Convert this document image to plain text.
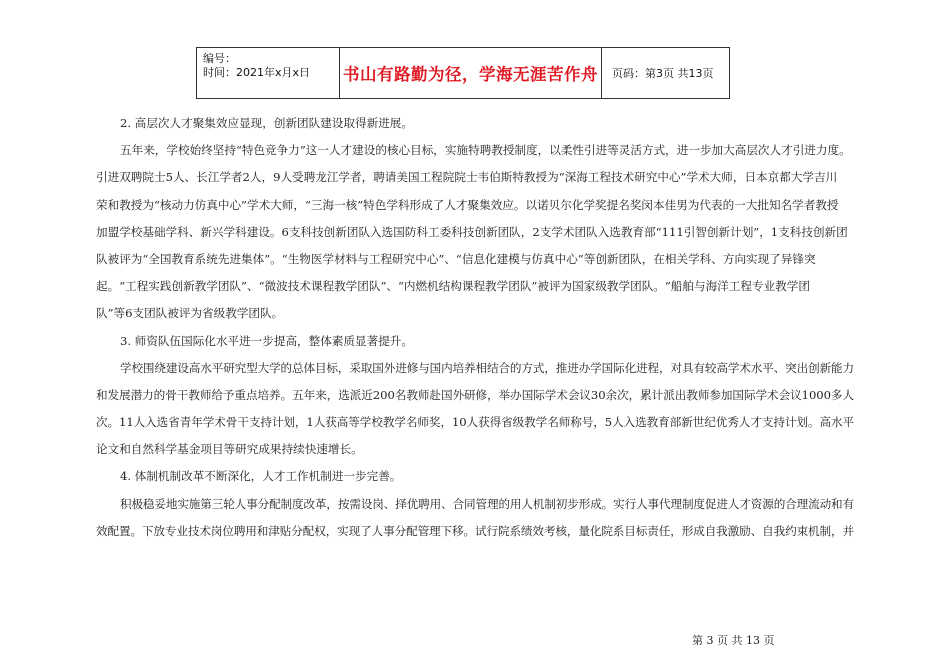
编号：
时间：2021年x月x日	书山有路勤为径，学海无涯苦作舟 页码：第3页 共13页
2. 高层次人才聚集效应显现，创新团队建设取得新进展。
五年来，学校始终坚持“特色竞争力”这一人才建设的核心目标，实施特聘教授制度，以柔性引进等灵活方式，进一步加大高层次人才引进力度。
引进双聘院士5人、长江学者2人，9人受聘龙江学者，聘请美国工程院院士韦伯斯特教授为“深海工程技术研究中心”学术大师，日本京都大学吉川
荣和教授为“核动力仿真中心”学术大师，“三海一核”特色学科形成了人才聚集效应。以诺贝尔化学奖提名奖闵本佳男为代表的一大批知名学者教授
加盟学校基础学科、新兴学科建设。6支科技创新团队入选国防科工委科技创新团队，2支学术团队入选教育部“111引智创新计划”，1支科技创新团
队被评为“全国教育系统先进集体”。“生物医学材料与工程研究中心”、“信息化建模与仿真中心”等创新团队，在相关学科、方向实现了异锋突
起。“工程实践创新教学团队”、“微波技术课程教学团队”、“内燃机结构课程教学团队”被评为国家级教学团队。“船舶与海洋工程专业教学团
队”等6支团队被评为省级教学团队。
3. 师资队伍国际化水平进一步提高，整体素质显著提升。
学校围绕建设高水平研究型大学的总体目标，采取国外进修与国内培养相结合的方式，推进办学国际化进程，对具有较高学术水平、突出创新能力
和发展潜力的骨干教师给予重点培养。五年来，选派近200名教师赴国外研修，举办国际学术会议30余次，累计派出教师参加国际学术会议1000多人
次。11人入选省青年学术骨干支持计划，1人获高等学校教学名师奖，10人获得省级教学名师称号，5人入选教育部新世纪优秀人才支持计划。高水平
论文和自然科学基金项目等研究成果持续快速增长。
4. 体制机制改革不断深化，人才工作机制进一步完善。
积极稳妥地实施第三轮人事分配制度改革，按需设岗、择优聘用、合同管理的用人机制初步形成。实行人事代理制度促进人才资源的合理流动和有
效配置。下放专业技术岗位聘用和津贴分配权，实现了人事分配管理下移。试行院系绩效考核，量化院系目标责任，形成自我激励、自我约束机制，并
第 3 页 共 13 页
